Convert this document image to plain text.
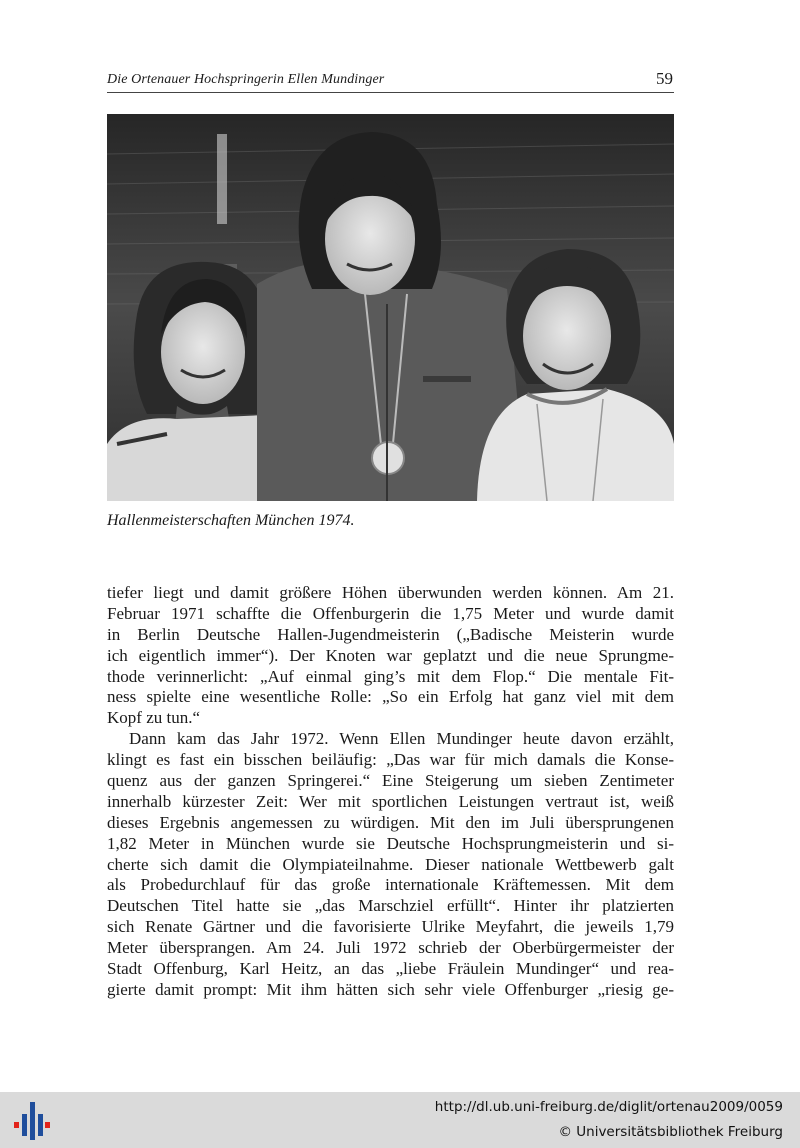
Die Ortenauer Hochspringerin Ellen Mundinger	59
Hallenmeisterschaften München 1974.
tiefer liegt und damit größere Höhen überwunden werden können. Am 21.
Februar 1971 schaffte die Offenburgerin die 1,75 Meter und wurde damit
in Berlin Deutsche Hallen-Jugendmeisterin („Badische Meisterin wurde
ich eigentlich immer“). Der Knoten war geplatzt und die neue Sprungme-
thode verinnerlicht: „Auf einmal ging’s mit dem Flop.“ Die mentale Fit-
ness spielte eine wesentliche Rolle: „So ein Erfolg hat ganz viel mit dem
Kopf zu tun.“
Dann kam das Jahr 1972. Wenn Ellen Mundinger heute davon erzählt,
klingt es fast ein bisschen beiläufig: „Das war für mich damals die Konse-
quenz aus der ganzen Springerei.“ Eine Steigerung um sieben Zentimeter
innerhalb kürzester Zeit: Wer mit sportlichen Leistungen vertraut ist, weiß
dieses Ergebnis angemessen zu würdigen. Mit den im Juli übersprungenen
1,82 Meter in München wurde sie Deutsche Hochsprungmeisterin und si-
cherte sich damit die Olympiateilnahme. Dieser nationale Wettbewerb galt
als Probedurchlauf für das große internationale Kräftemessen. Mit dem
Deutschen Titel hatte sie „das Marschziel erfüllt“. Hinter ihr platzierten
sich Renate Gärtner und die favorisierte Ulrike Meyfahrt, die jeweils 1,79
Meter übersprangen. Am 24. Juli 1972 schrieb der Oberbürgermeister der
Stadt Offenburg, Karl Heitz, an das „liebe Fräulein Mundinger“ und rea-
gierte damit prompt: Mit ihm hätten sich sehr viele Offenburger „riesig ge-
http://dl.ub.uni-freiburg.de/diglit/ortenau2009/0059
© Universitätsbibliothek Freiburg
